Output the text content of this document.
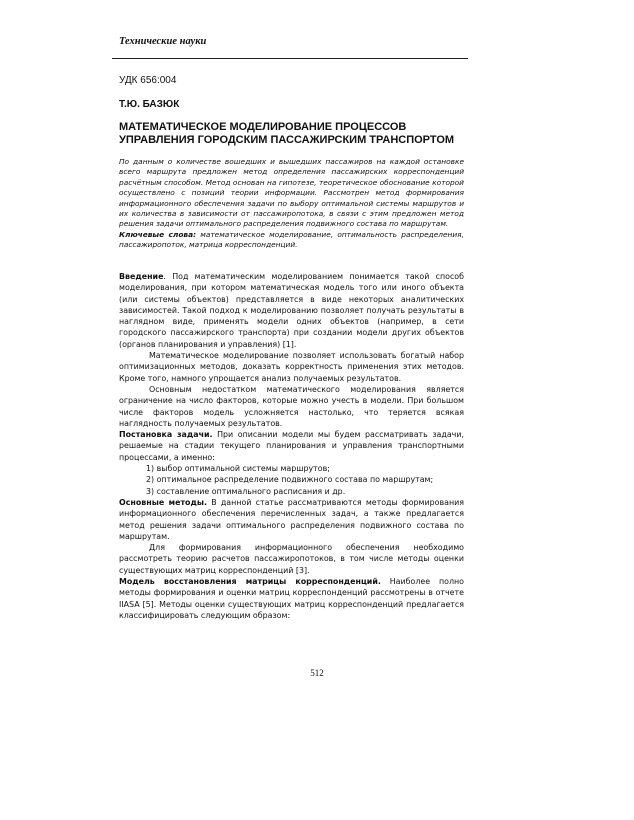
Технические науки
УДК 656:004
Т.Ю. БАЗЮК
МАТЕМАТИЧЕСКОЕ МОДЕЛИРОВАНИЕ ПРОЦЕССОВ УПРАВЛЕНИЯ ГОРОДСКИМ ПАССАЖИРСКИМ ТРАНСПОРТОМ
По данным о количестве вошедших и вышедших пассажиров на каждой остановке всего маршрута предложен метод определения пассажирских корреспонденций расчётным способом. Метод основан на гипотезе, теоретическое обоснование которой осуществлено с позиций теории информации. Рассмотрен метод формирования информационного обеспечения задачи по выбору оптимальной системы маршрутов и их количества в зависимости от пассажиропотока, в связи с этим предложен метод решения задачи оптимального распределения подвижного состава по маршрутам.
Ключевые слова: математическое моделирование, оптимальность распределения, пассажиропоток, матрица корреспонденций.

Введение. Под математическим моделированием понимается такой способ моделирования, при котором математическая модель того или иного объекта (или системы объектов) представляется в виде некоторых аналитических зависимостей. Такой подход к моделированию позволяет получать результаты в наглядном виде, применять модели одних объектов (например, в сети городского пассажирского транспорта) при создании модели других объектов (органов планирования и управления) [1].

Математическое моделирование позволяет использовать богатый набор оптимизационных методов, доказать корректность применения этих методов. Кроме того, намного упрощается анализ получаемых результатов.

Основным недостатком математического моделирования является ограничение на число факторов, которые можно учесть в модели. При большом числе факторов модель усложняется настолько, что теряется всякая наглядность получаемых результатов.

Постановка задачи. При описании модели мы будем рассматривать задачи, решаемые на стадии текущего планирования и управления транспортными процессами, а именно:

1) выбор оптимальной системы маршрутов;
2) оптимальное распределение подвижного состава по маршрутам;
3) составление оптимального расписания и др.

Основные методы. В данной статье рассматриваются методы формирования информационного обеспечения перечисленных задач, а также предлагается метод решения задачи оптимального распределения подвижного состава по маршрутам.

Для формирования информационного обеспечения необходимо рассмотреть теорию расчетов пассажиропотоков, в том числе методы оценки существующих матриц корреспонденций [3].

Модель восстановления матрицы корреспонденций. Наиболее полно методы формирования и оценки матриц корреспонденций рассмотрены в отчете IIASA [5]. Методы оценки существующих матриц корреспонденций предлагается классифицировать следующим образом:

512
